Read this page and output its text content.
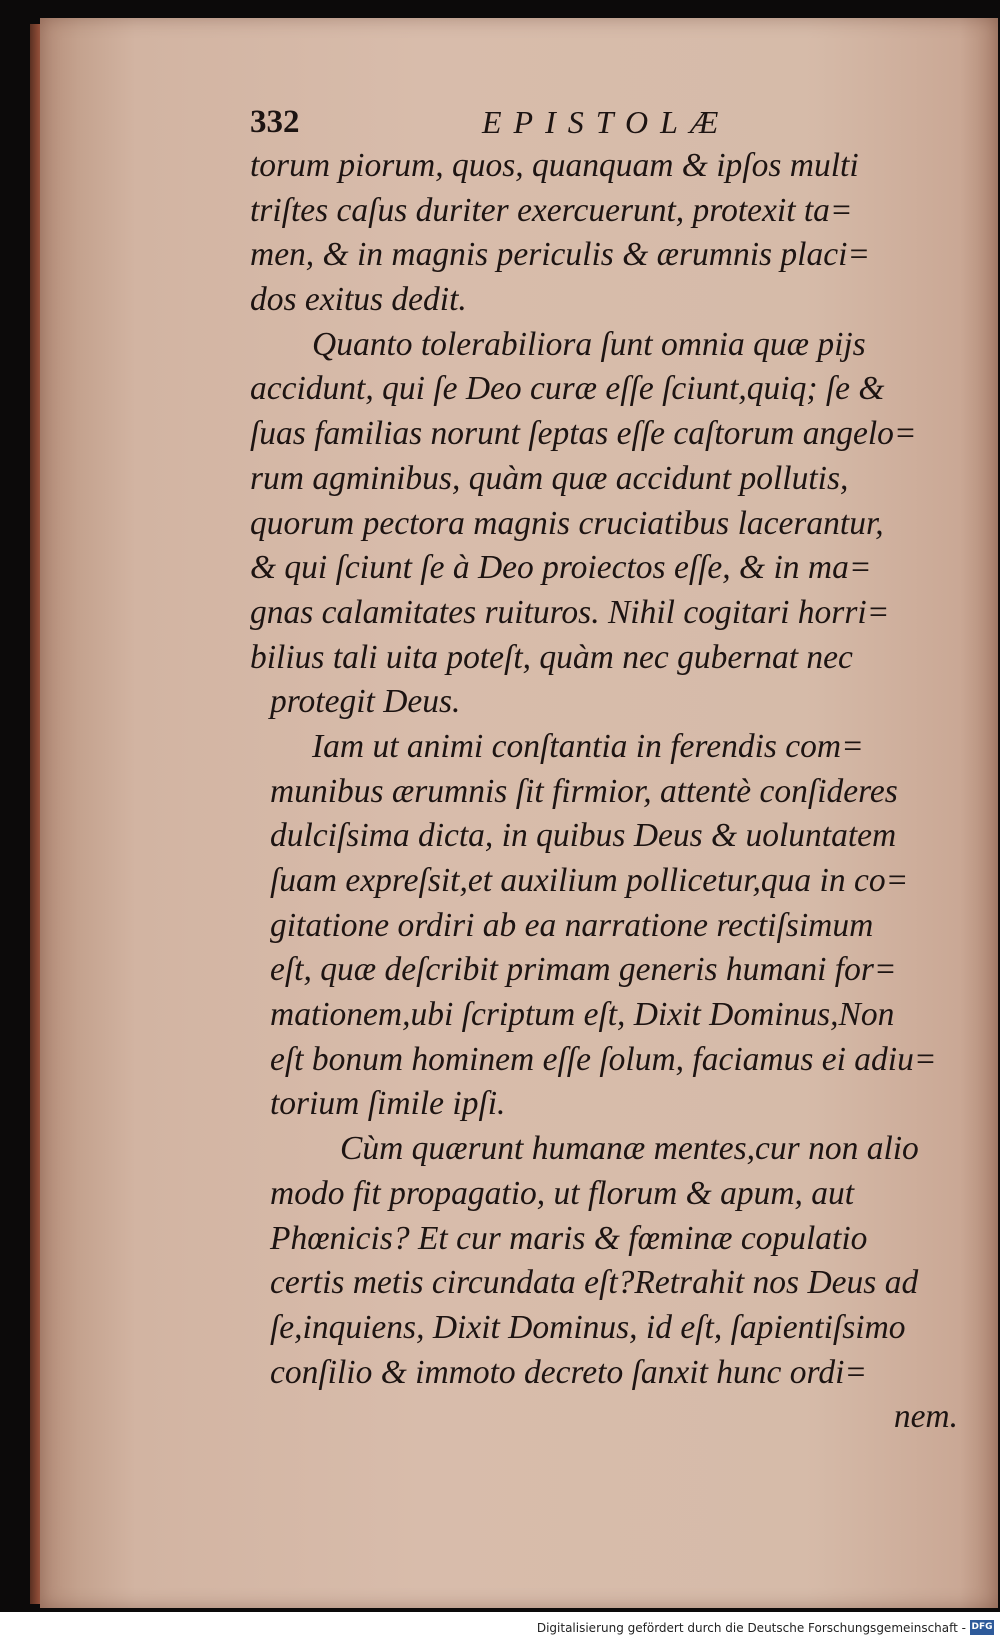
332	EPISTOLÆ
torum piorum, quos, quanquam & ipſos multi
triſtes caſus duriter exercuerunt, protexit ta=
men, & in magnis periculis & ærumnis placi=
dos exitus dedit.
Quanto tolerabiliora ſunt omnia quæ pijs
accidunt, qui ſe Deo curæ eſſe ſciunt,quiq; ſe &
ſuas familias norunt ſeptas eſſe caſtorum angelo=
rum agminibus, quàm quæ accidunt pollutis,
quorum pectora magnis cruciatibus lacerantur,
& qui ſciunt ſe à Deo proiectos eſſe, & in ma=
gnas calamitates ruituros. Nihil cogitari horri=
bilius tali uita poteſt, quàm nec gubernat nec
protegit Deus.
Iam ut animi conſtantia in ferendis com=
munibus ærumnis ſit firmior, attentè conſideres
dulciſsima dicta, in quibus Deus & uoluntatem
ſuam expreſsit,et auxilium pollicetur,qua in co=
gitatione ordiri ab ea narratione rectiſsimum
eſt, quæ deſcribit primam generis humani for=
mationem,ubi ſcriptum eſt, Dixit Dominus,Non
eſt bonum hominem eſſe ſolum, faciamus ei adiu=
torium ſimile ipſi.
Cùm quærunt humanæ mentes,cur non alio
modo fit propagatio, ut florum & apum, aut
Phœnicis? Et cur maris & fœminæ copulatio
certis metis circundata eſt?Retrahit nos Deus ad
ſe,inquiens, Dixit Dominus, id eſt, ſapientiſsimo
conſilio & immoto decreto ſanxit hunc ordi=
nem.
Digitalisierung gefördert durch die Deutsche Forschungsgemeinschaft - DFG
